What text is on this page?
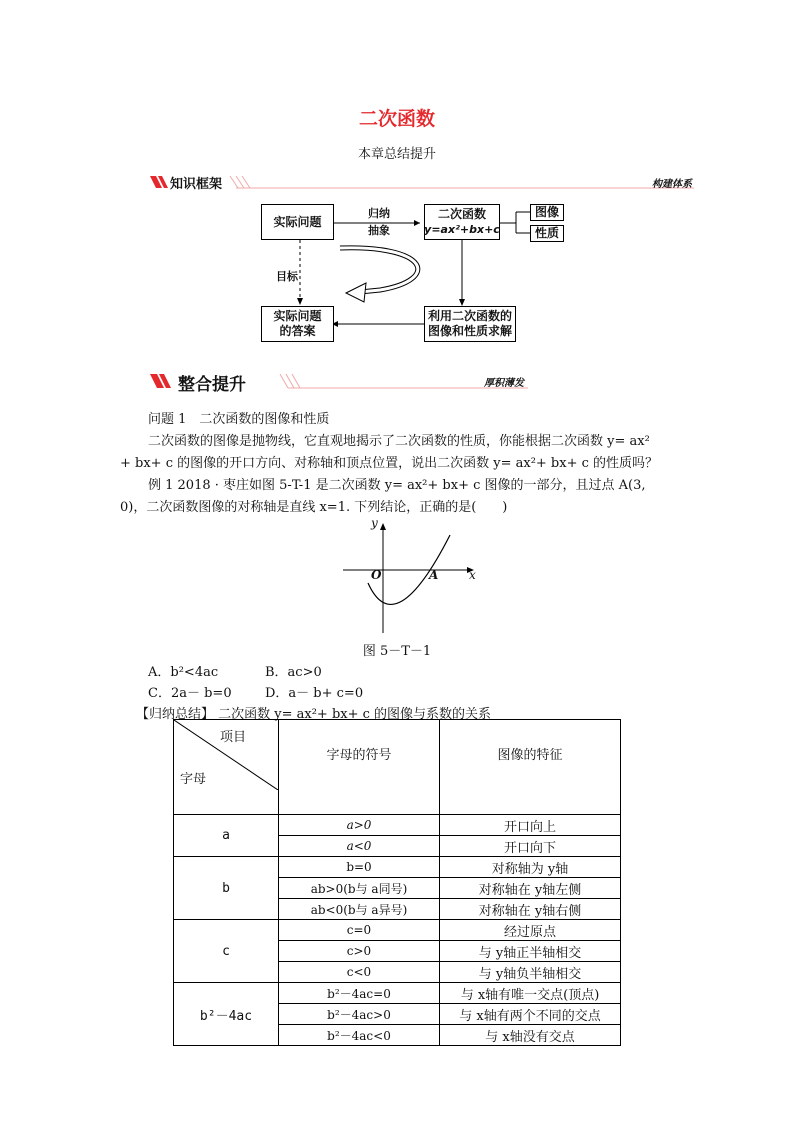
二次函数
本章总结提升
知识框架	构建体系
实际问题
归纳
抽象
二次函数
y=ax²+bx+c
图像
性质
目标
实际问题
的答案
利用二次函数的
图像和性质求解
整合提升	厚积薄发
问题 1　二次函数的图像和性质
二次函数的图像是抛物线，它直观地揭示了二次函数的性质，你能根据二次函数 y= ax²
+ bx+ c 的图像的开口方向、对称轴和顶点位置，说出二次函数 y= ax²+ bx+ c 的性质吗？
例 1 2018 · 枣庄如图 5-T-1 是二次函数 y= ax²+ bx+ c 图像的一部分，且过点 A(3,
0)，二次函数图像的对称轴是直线 x=1. 下列结论，正确的是(　　)
y
x
O	A
图 5－T－1
A．b²<4ac	B．ac>0
C．2a－ b=0	D．a－ b+ c=0
【归纳总结】 二次函数 y= ax²+ bx+ c 的图像与系数的关系
项目
字母	字母的符号	图像的特征
a	a>0	开口向上
	a<0	开口向下
b	b=0	对称轴为 y轴
	ab>0(b与 a同号)	对称轴在 y轴左侧
	ab<0(b与 a异号)	对称轴在 y轴右侧
c	c=0	经过原点
	c>0	与 y轴正半轴相交
	c<0	与 y轴负半轴相交
b²－4ac	b²－4ac=0	与 x轴有唯一交点(顶点)
	b²－4ac>0	与 x轴有两个不同的交点
	b²－4ac<0	与 x轴没有交点
